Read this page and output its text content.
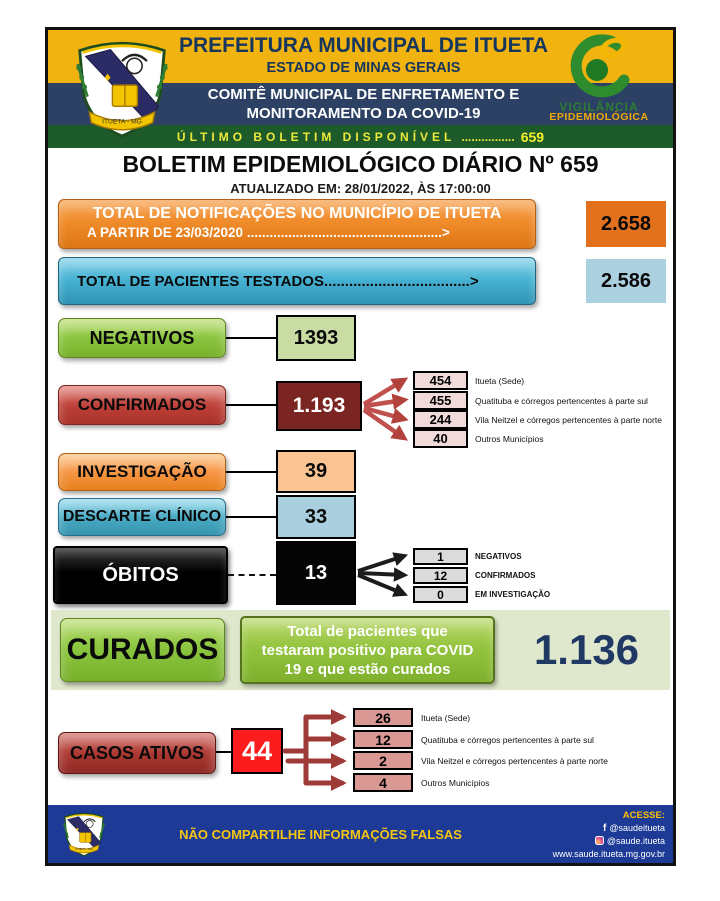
PREFEITURA MUNICIPAL DE ITUETA
ESTADO DE MINAS GERAIS
COMITÊ MUNICIPAL DE ENFRETAMENTO E
MONITORAMENTO DA COVID-19	VIGILÂNCIA
EPIDEMIOLÓGICA
ÚLTIMO BOLETIM DISPONÍVEL ................ 659
BOLETIM EPIDEMIOLÓGICO DIÁRIO Nº 659
ATUALIZADO EM: 28/01/2022, ÀS 17:00:00
TOTAL DE NOTIFICAÇÕES NO MUNICÍPIO DE ITUETA
A PARTIR DE 23/03/2020 ....................................................>	2.658
TOTAL DE PACIENTES TESTADOS...................................>	2.586
NEGATIVOS	1393
CONFIRMADOS	1.193
454	Itueta (Sede)
455	Quatituba e córregos pertencentes à parte sul
244	Vila Neitzel e córregos pertencentes à parte norte
40	Outros Municípios
INVESTIGAÇÃO	39
DESCARTE CLÍNICO	33
ÓBITOS	13
1	NEGATIVOS
12	CONFIRMADOS
0	EM INVESTIGAÇÃO
CURADOS
Total de pacientes que
testaram positivo para COVID
19 e que estão curados	1.136
CASOS ATIVOS	44
26	Itueta (Sede)
12	Quatituba e córregos pertencentes à parte sul
2	Vila Neitzel e córregos pertencentes à parte norte
4	Outros Municípios
NÃO COMPARTILHE INFORMAÇÕES FALSAS
ACESSE:
f @saudeitueta
@saude.itueta
www.saude.itueta.mg.gov.br
